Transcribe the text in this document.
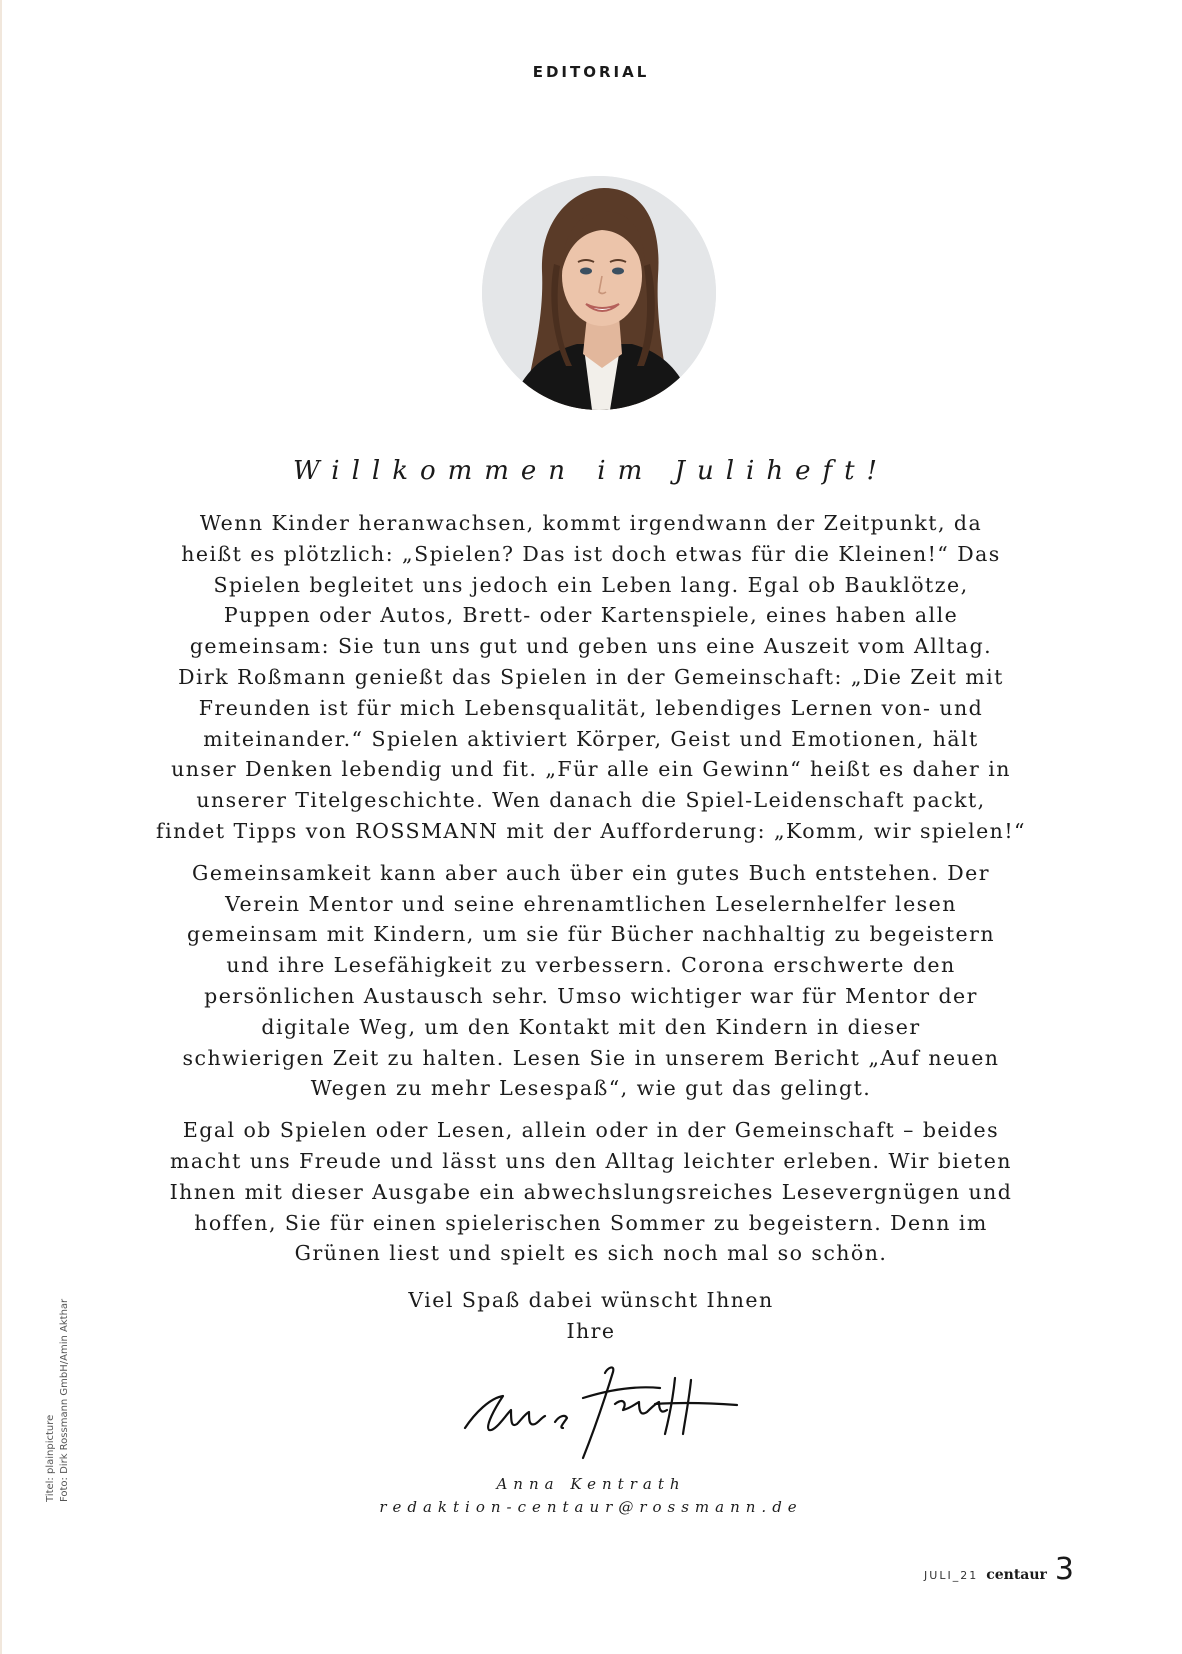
EDITORIAL
Willkommen im Juliheft!

Wenn Kinder heranwachsen, kommt irgendwann der Zeitpunkt, da
heißt es plötzlich: „Spielen? Das ist doch etwas für die Kleinen!“ Das
Spielen begleitet uns jedoch ein Leben lang. Egal ob Bauklötze,
Puppen oder Autos, Brett- oder Kartenspiele, eines haben alle
gemeinsam: Sie tun uns gut und geben uns eine Auszeit vom Alltag.
Dirk Roßmann genießt das Spielen in der Gemeinschaft: „Die Zeit mit
Freunden ist für mich Lebensqualität, lebendiges Lernen von- und
miteinander.“ Spielen aktiviert Körper, Geist und Emotionen, hält
unser Denken lebendig und fit. „Für alle ein Gewinn“ heißt es daher in
unserer Titelgeschichte. Wen danach die Spiel-Leidenschaft packt,
findet Tipps von ROSSMANN mit der Aufforderung: „Komm, wir spielen!“

Gemeinsamkeit kann aber auch über ein gutes Buch entstehen. Der
Verein Mentor und seine ehrenamtlichen Leselernhelfer lesen
gemeinsam mit Kindern, um sie für Bücher nachhaltig zu begeistern
und ihre Lesefähigkeit zu verbessern. Corona erschwerte den
persönlichen Austausch sehr. Umso wichtiger war für Mentor der
digitale Weg, um den Kontakt mit den Kindern in dieser
schwierigen Zeit zu halten. Lesen Sie in unserem Bericht „Auf neuen
Wegen zu mehr Lesespaß“, wie gut das gelingt.

Egal ob Spielen oder Lesen, allein oder in der Gemeinschaft – beides
macht uns Freude und lässt uns den Alltag leichter erleben. Wir bieten
Ihnen mit dieser Ausgabe ein abwechslungsreiches Lesevergnügen und
hoffen, Sie für einen spielerischen Sommer zu begeistern. Denn im
Grünen liest und spielt es sich noch mal so schön.

Viel Spaß dabei wünscht Ihnen
Ihre
Anna Kentrath
redaktion-centaur@rossmann.de
Titel: plainpicture Foto: Dirk Rossmann GmbH/Amin Akthar
JULI_21 centaur 3
